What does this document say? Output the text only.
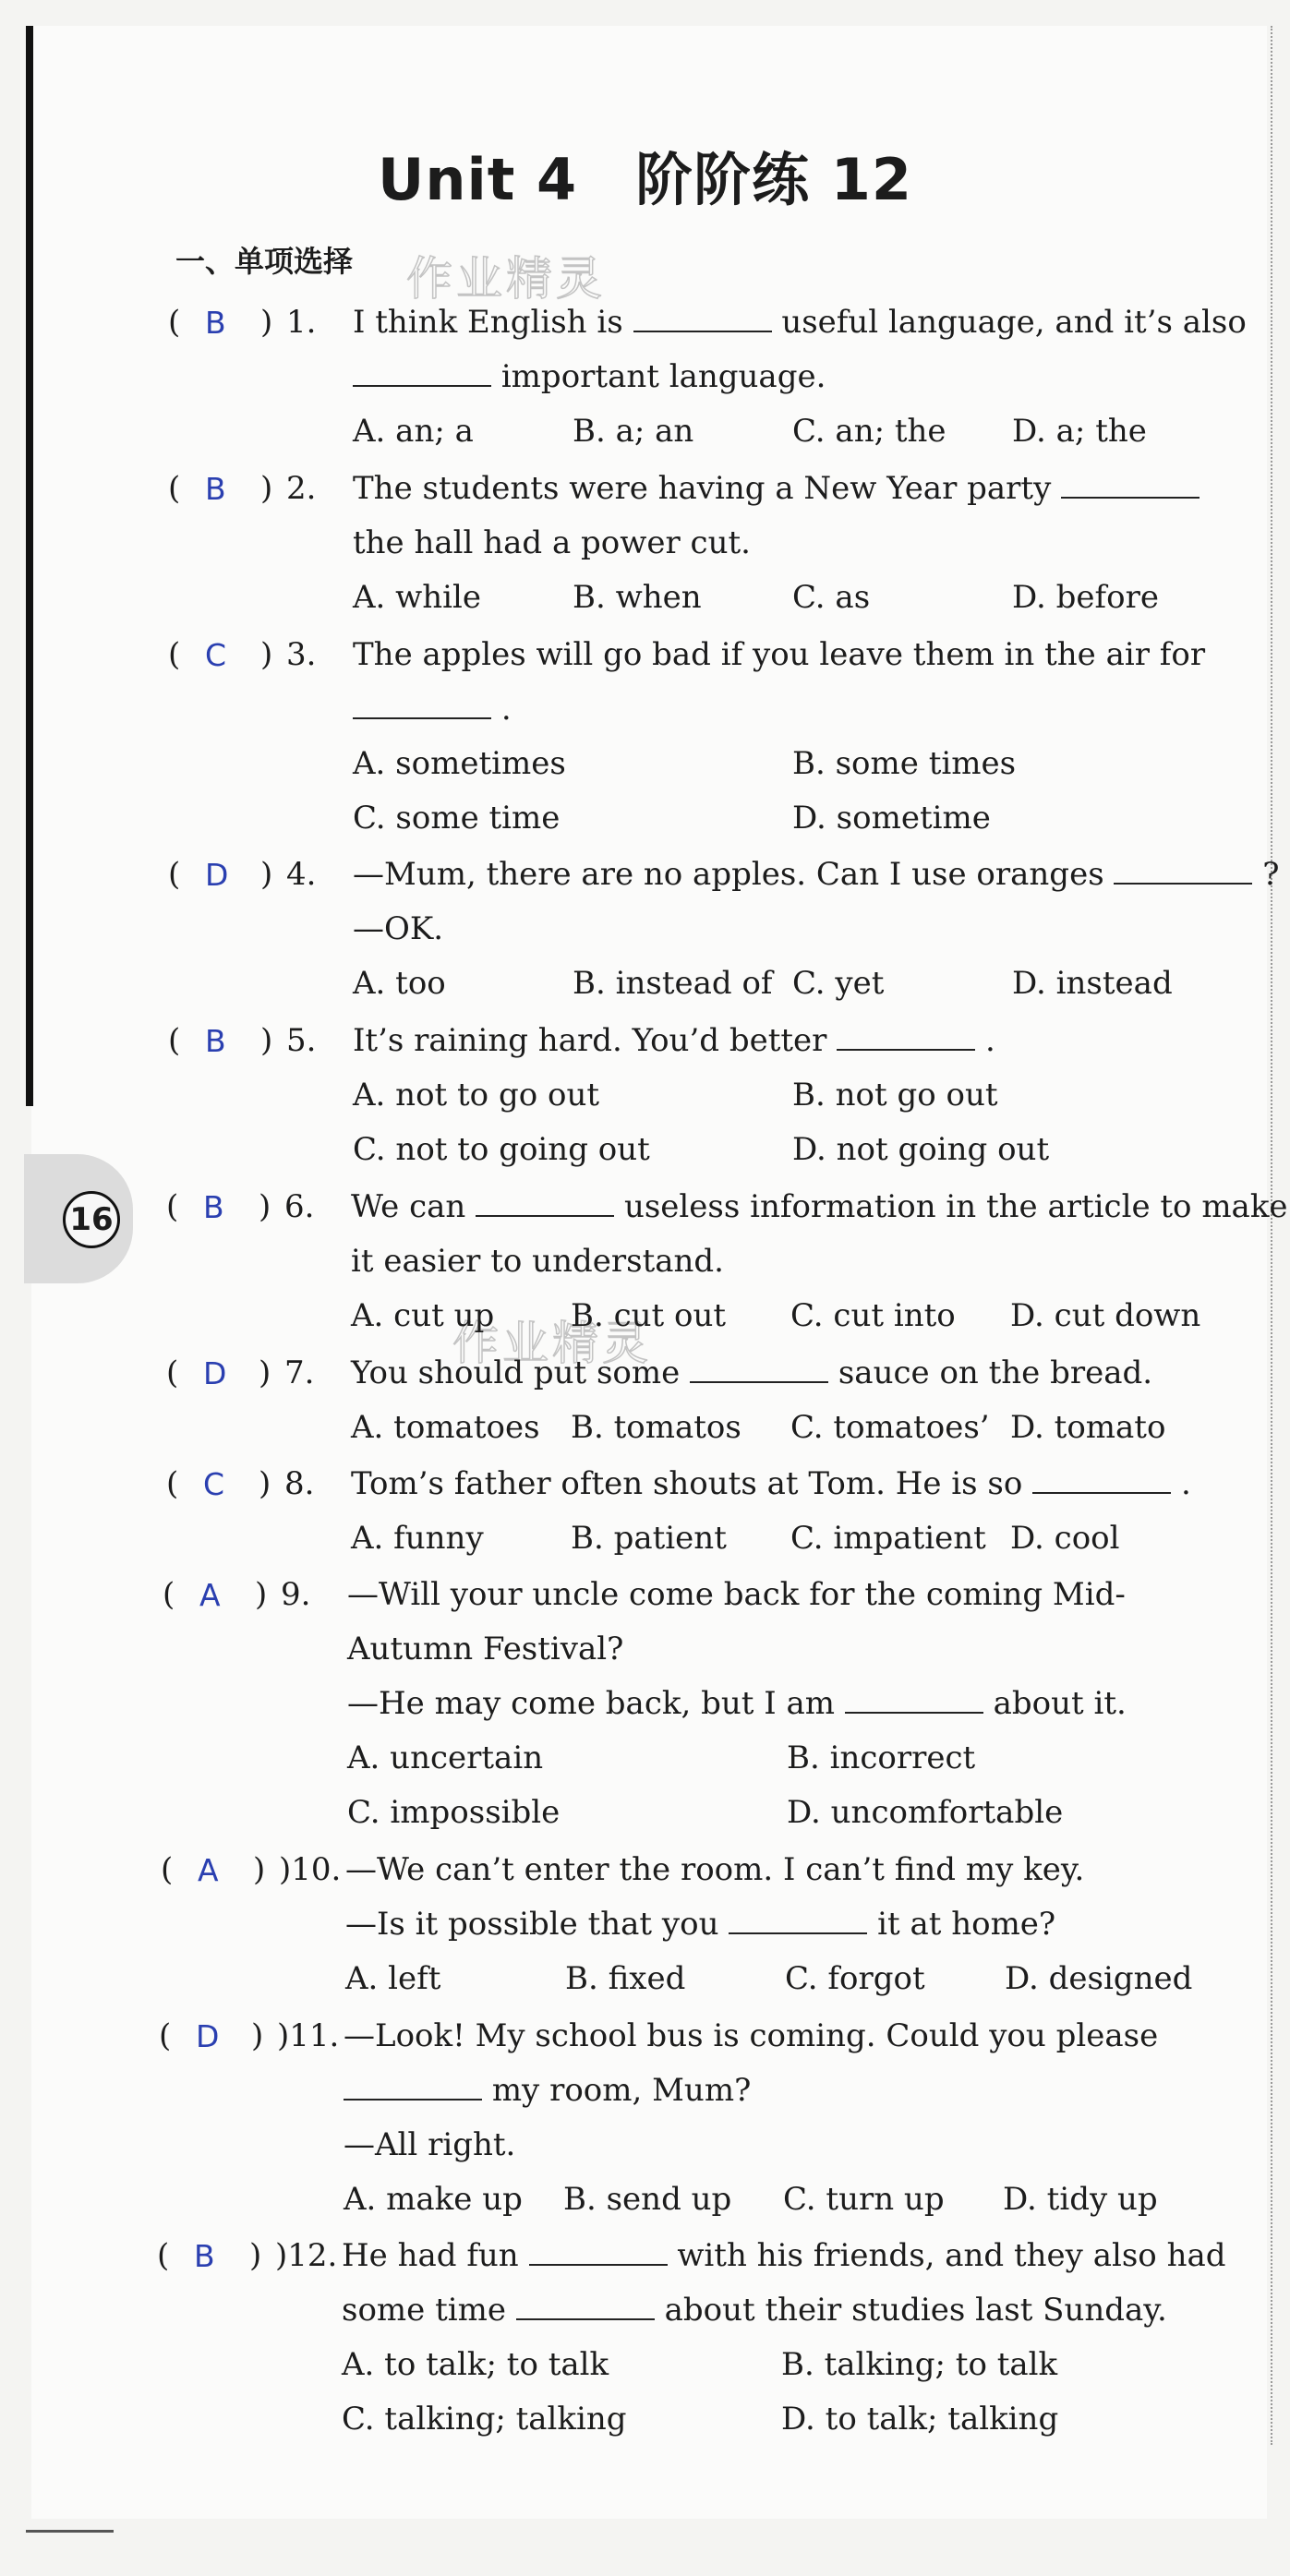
16
Unit 4　阶阶练 12
一、单项选择 作业精灵
作业精灵
( B ) 1. I think English is	useful language, and it’s also
important language.
A. an; a	B. a; an	C. an; the D. a; the
( B ) 2. The students were having a New Year party
the hall had a power cut.
A. while	B. when	C. as	D. before
( C ) 3. The apples will go bad if you leave them in the air for
.
A. sometimes	B. some times
C. some time	D. sometime
( D ) 4. —Mum, there are no apples. Can I use oranges	?
—OK.
A. too	B. instead of C. yet	D. instead
( B ) 5. It’s raining hard. You’d better	.
A. not to go out	B. not go out
C. not to going out	D. not going out
( B ) 6. We can	useless information in the article to make
it easier to understand.
A. cut up B. cut out C. cut into D. cut down
( D ) 7. You should put some	sauce on the bread.
A. tomatoes B. tomatos C. tomatoes’ D. tomato
( C ) 8. Tom’s father often shouts at Tom. He is so	.
A. funny	B. patient C. impatient D. cool
( A ) 9. —Will your uncle come back for the coming Mid-
Autumn Festival?
—He may come back, but I am	about it.
A. uncertain	B. incorrect
C. impossible	D. uncomfortable
( A ) )10. —We can’t enter the room. I can’t find my key.
—Is it possible that you	it at home?
A. left	B. fixed	C. forgot	D. designed
( D ) )11. —Look! My school bus is coming. Could you please
my room, Mum?
—All right.
A. make up B. send up C. turn up D. tidy up
( B ) )12. He had fun	with his friends, and they also had
some time	about their studies last Sunday.
A. to talk; to talk	B. talking; to talk
C. talking; talking	D. to talk; talking
